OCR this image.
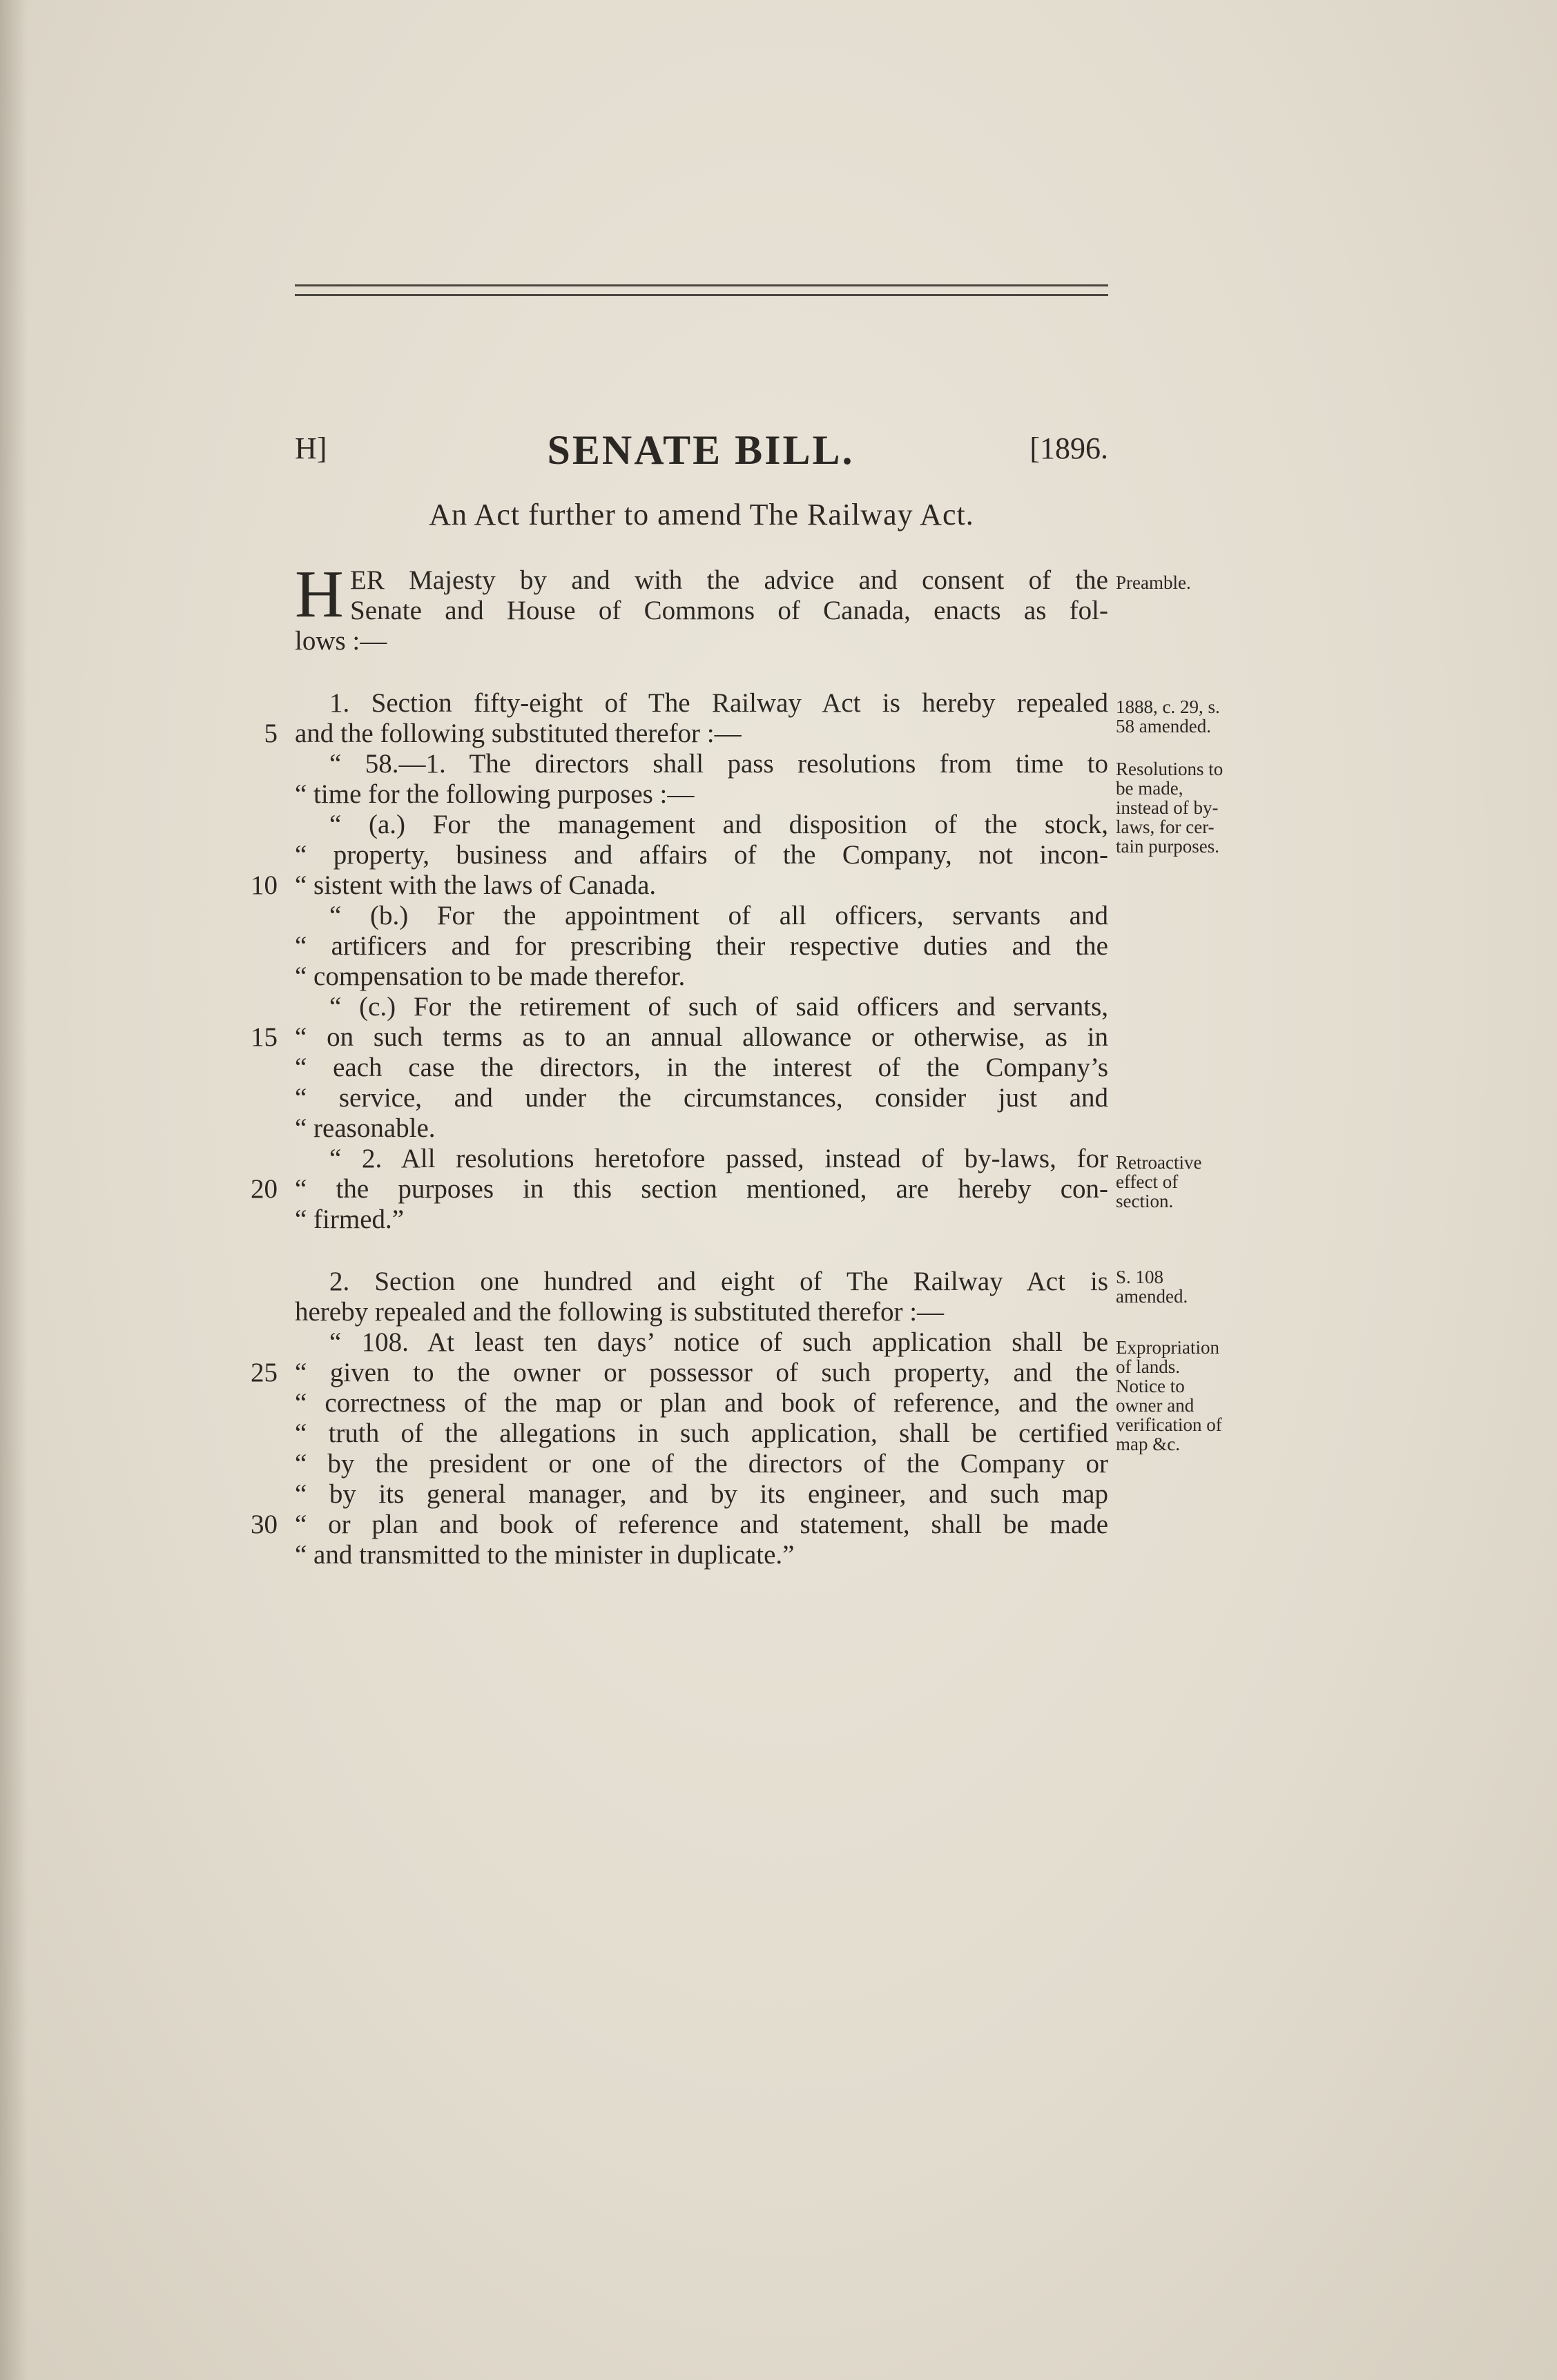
H]	SENATE BILL.	[1896.
An Act further to amend The Railway Act.
H ER Majesty by and with the advice and consent of the
Senate and House of Commons of Canada, enacts as fol-
lows :—
1. Section fifty-eight of The Railway Act is hereby repealed
and the following substituted therefor :—
“ 58.—1. The directors shall pass resolutions from time to
“ time for the following purposes :—
“ (a.) For the management and disposition of the stock,
“ property, business and affairs of the Company, not incon-
“ sistent with the laws of Canada.
“ (b.) For the appointment of all officers, servants and
“ artificers and for prescribing their respective duties and the
“ compensation to be made therefor.
“ (c.) For the retirement of such of said officers and servants,
“ on such terms as to an annual allowance or otherwise, as in
“ each case the directors, in the interest of the Company’s
“ service, and under the circumstances, consider just and
“ reasonable.
“ 2. All resolutions heretofore passed, instead of by-laws, for
“ the purposes in this section mentioned, are hereby con-
“ firmed.”
2. Section one hundred and eight of The Railway Act is
hereby repealed and the following is substituted therefor :—
“ 108. At least ten days’ notice of such application shall be
“ given to the owner or possessor of such property, and the
“ correctness of the map or plan and book of reference, and the
“ truth of the allegations in such application, shall be certified
“ by the president or one of the directors of the Company or
“ by its general manager, and by its engineer, and such map
“ or plan and book of reference and statement, shall be made
“ and transmitted to the minister in duplicate.”
5
10
15
20
25
30
Preamble.
1888, c. 29, s.
58 amended.
Resolutions to
be made,
instead of by-
laws, for cer-
tain purposes.
Retroactive
effect of
section.
S. 108
amended.
Expropriation
of lands.
Notice to
owner and
verification of
map &c.
